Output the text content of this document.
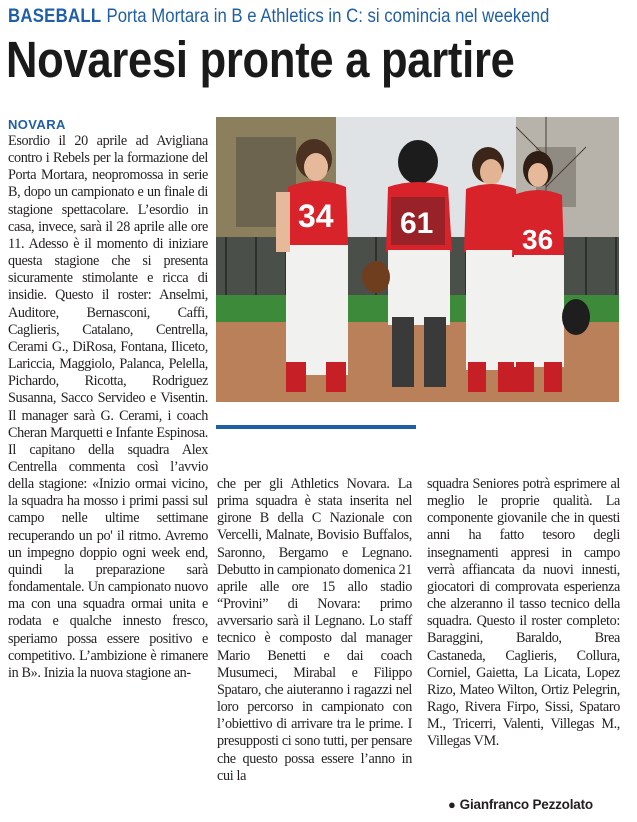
BASEBALL Porta Mortara in B e Athletics in C: si comincia nel weekend
Novaresi pronte a partire
NOVARA

Esordio il 20 aprile ad Avigliana contro i Rebels per la formazione del Porta Mortara, neopromossa in serie B, dopo un campionato e un finale di stagione spettacolare. L’esordio in casa, invece, sarà il 28 aprile alle ore 11. Adesso è il momento di iniziare questa stagione che si presenta sicuramente stimolante e ricca di insidie. Questo il roster: Anselmi, Auditore, Bernasconi, Caffi, Caglieris, Catalano, Centrella, Cerami G., DiRosa, Fontana, Iliceto, Lariccia, Maggiolo, Palanca, Pelella, Pichardo, Ricotta, Rodriguez Susanna, Sacco Servideo e Visentin. Il manager sarà G. Cerami, i coach Cheran Marquetti e Infante Espinosa. Il capitano della squadra Alex Centrella commenta così l’avvio della stagione: «Inizio ormai vicino, la squadra ha mosso i primi passi sul campo nelle ultime settimane recuperando un po' il ritmo. Avremo un impegno doppio ogni week end, quindi la preparazione sarà fondamentale. Un campionato nuovo ma con una squadra ormai unita e rodata e qualche innesto fresco, speriamo possa essere positivo e competitivo. L’ambizione è rimanere in B». Inizia la nuova stagione an-

34 61	36

che per gli Athletics Novara. La prima squadra è stata inserita nel girone B della C Nazionale con Vercelli, Malnate, Bovisio Buffalos, Saronno, Bergamo e Legnano. Debutto in campionato domenica 21 aprile alle ore 15 allo stadio “Provini” di Novara: primo avversario sarà il Legnano. Lo staff tecnico è composto dal manager Mario Benetti e dai coach Musumeci, Mirabal e Filippo Spataro, che aiuteranno i ragazzi nel loro percorso in campionato con l’obiettivo di arrivare tra le prime. I presupposti ci sono tutti, per pensare che questo possa essere l’anno in cui la

squadra Seniores potrà esprimere al meglio le proprie qualità. La componente giovanile che in questi anni ha fatto tesoro degli insegnamenti appresi in campo verrà affiancata da nuovi innesti, giocatori di comprovata esperienza che alzeranno il tasso tecnico della squadra. Questo il roster completo: Baraggini, Baraldo, Brea Castaneda, Caglieris, Collura, Corniel, Gaietta, La Licata, Lopez Rizo, Mateo Wilton, Ortiz Pelegrin, Rago, Rivera Firpo, Sissi, Spataro M., Tricerri, Valenti, Villegas M., Villegas VM.

● Gianfranco Pezzolato
